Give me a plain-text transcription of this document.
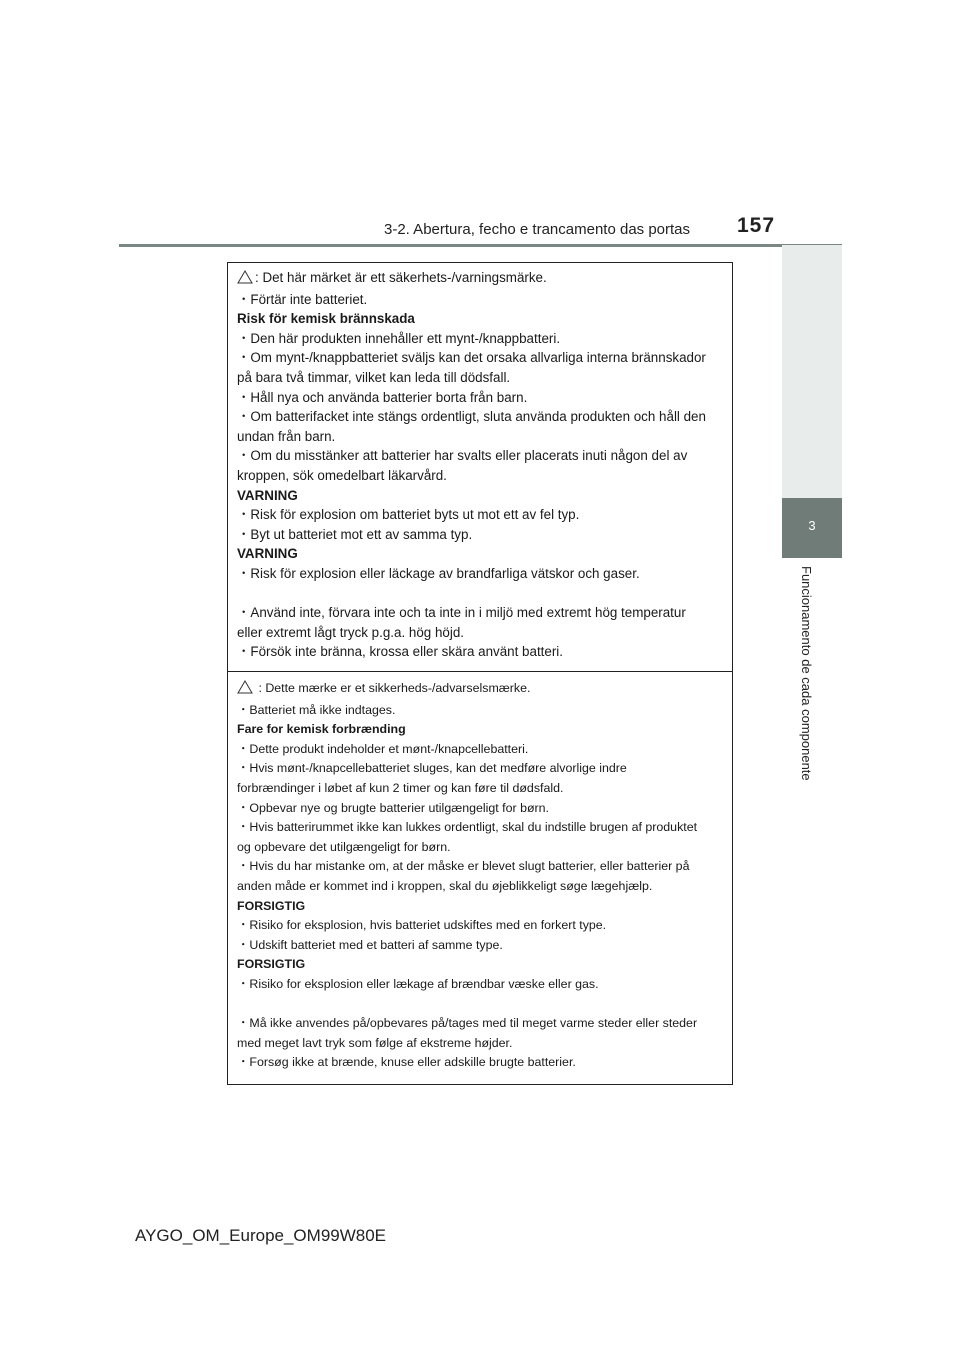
3-2. Abertura, fecho e trancamento das portas 157
3
Funcionamento de cada componente
: Det här märket är ett säkerhets-/varningsmärke.
・Förtär inte batteriet.
Risk för kemisk brännskada
・Den här produkten innehåller ett mynt-/knappbatteri.
・Om mynt-/knappbatteriet sväljs kan det orsaka allvarliga interna brännskador
på bara två timmar, vilket kan leda till dödsfall.
・Håll nya och använda batterier borta från barn.
・Om batterifacket inte stängs ordentligt, sluta använda produkten och håll den
undan från barn.
・Om du misstänker att batterier har svalts eller placerats inuti någon del av
kroppen, sök omedelbart läkarvård.
VARNING
・Risk för explosion om batteriet byts ut mot ett av fel typ.
・Byt ut batteriet mot ett av samma typ.
VARNING
・Risk för explosion eller läckage av brandfarliga vätskor och gaser.
・Använd inte, förvara inte och ta inte in i miljö med extremt hög temperatur
eller extremt lågt tryck p.g.a. hög höjd.
・Försök inte bränna, krossa eller skära använt batteri.
: Dette mærke er et sikkerheds-/advarselsmærke.
・Batteriet må ikke indtages.
Fare for kemisk forbrænding
・Dette produkt indeholder et mønt-/knapcellebatteri.
・Hvis mønt-/knapcellebatteriet sluges, kan det medføre alvorlige indre
forbrændinger i løbet af kun 2 timer og kan føre til dødsfald.
・Opbevar nye og brugte batterier utilgængeligt for børn.
・Hvis batterirummet ikke kan lukkes ordentligt, skal du indstille brugen af produktet
og opbevare det utilgængeligt for børn.
・Hvis du har mistanke om, at der måske er blevet slugt batterier, eller batterier på
anden måde er kommet ind i kroppen, skal du øjeblikkeligt søge lægehjælp.
FORSIGTIG
・Risiko for eksplosion, hvis batteriet udskiftes med en forkert type.
・Udskift batteriet med et batteri af samme type.
FORSIGTIG
・Risiko for eksplosion eller lækage af brændbar væske eller gas.
・Må ikke anvendes på/opbevares på/tages med til meget varme steder eller steder
med meget lavt tryk som følge af ekstreme højder.
・Forsøg ikke at brænde, knuse eller adskille brugte batterier.
AYGO_OM_Europe_OM99W80E
